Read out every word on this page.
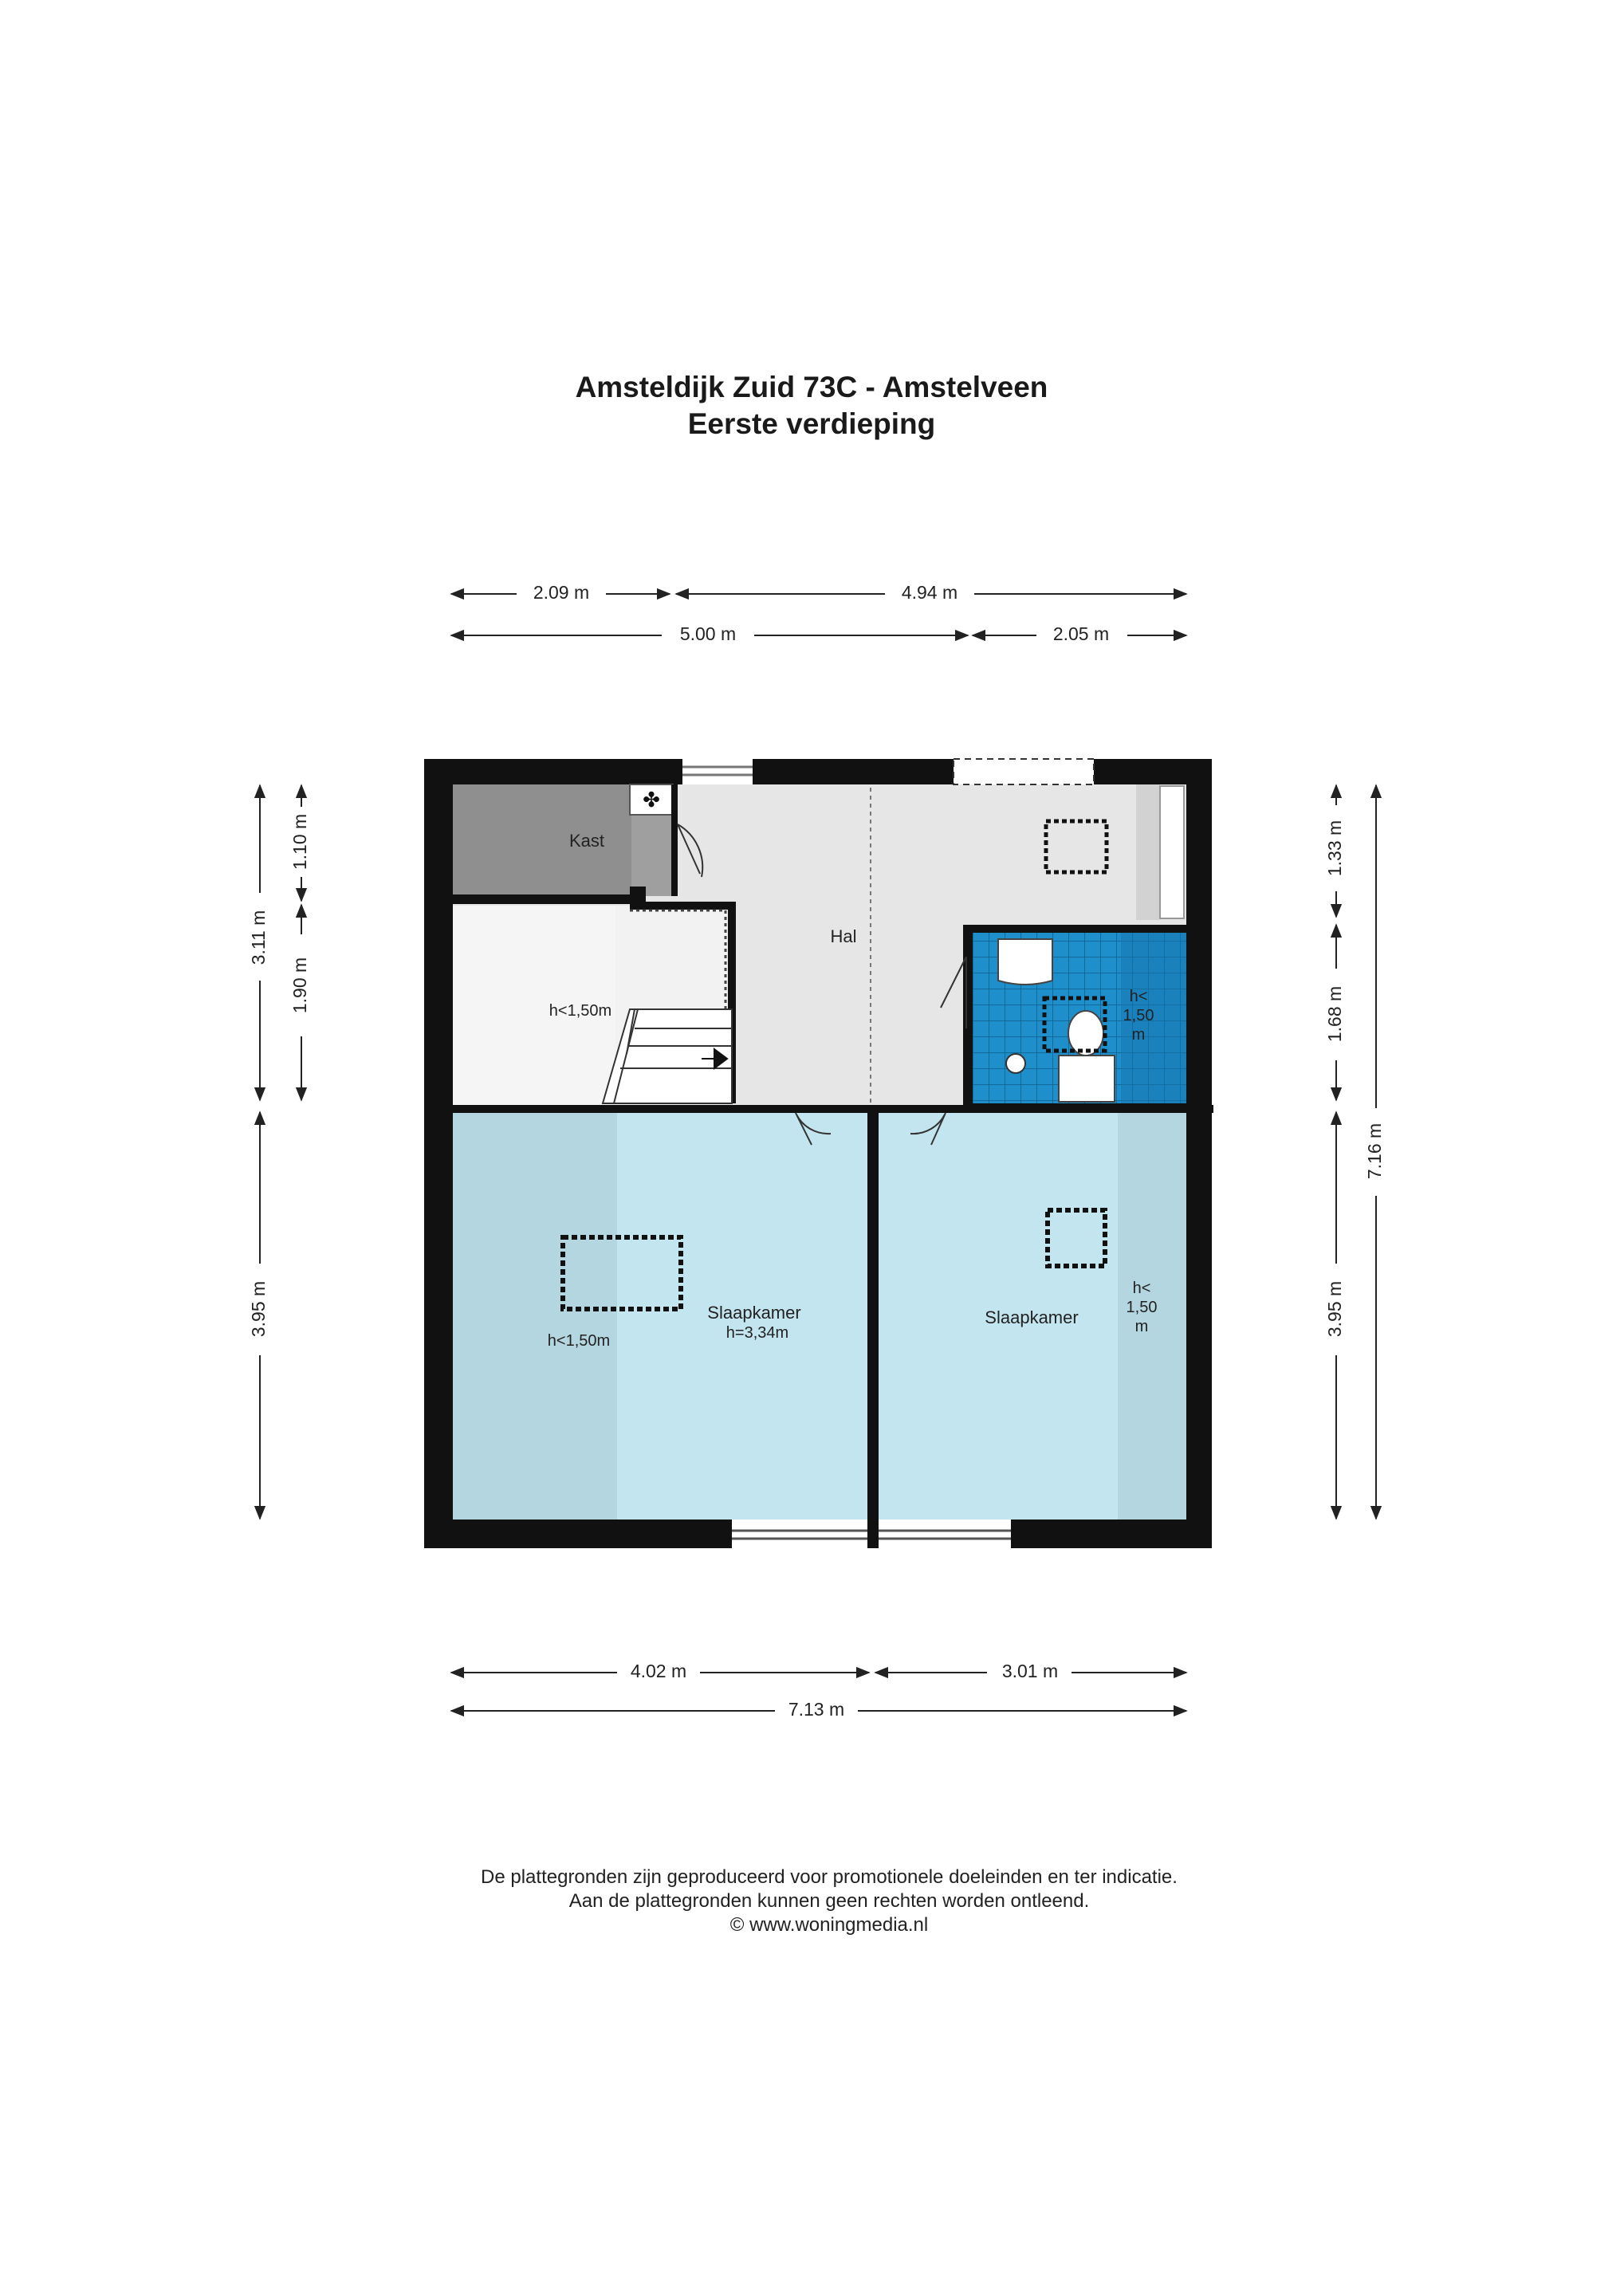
Amsteldijk Zuid 73C - Amstelveen
Eerste verdieping
2.09 m	4.94 m
5.00 m	2.05 m
3.11 m
3.95 m
1.10 m
1.90 m
1.33 m
1.68 m
3.95 m
7.16 m
✤
Kast
Hal
h<1,50m
h<
1,50
m
Slaapkamer
h=3,34m
h<1,50m
Slaapkamer
h<
1,50
m
4.02 m	3.01 m
7.13 m
De plattegronden zijn geproduceerd voor promotionele doeleinden en ter indicatie.
Aan de plattegronden kunnen geen rechten worden ontleend.
© www.woningmedia.nl
